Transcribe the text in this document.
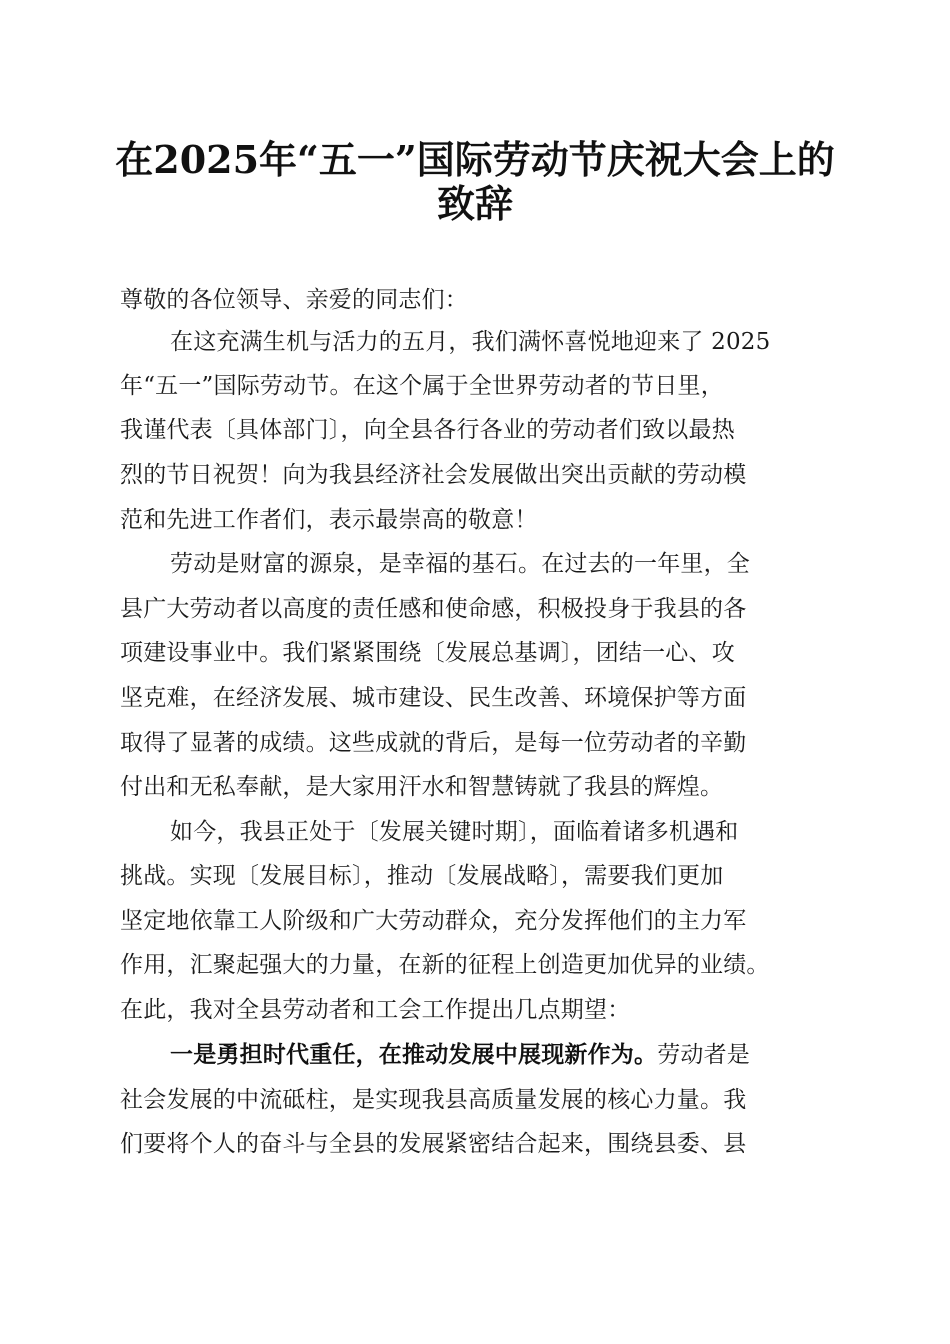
在2025年“五一”国际劳动节庆祝大会上的
致辞
尊敬的各位领导、亲爱的同志们：
在这充满生机与活力的五月，我们满怀喜悦地迎来了 2025
年“五一”国际劳动节。在这个属于全世界劳动者的节日里，
我谨代表〔具体部门〕，向全县各行各业的劳动者们致以最热
烈的节日祝贺！向为我县经济社会发展做出突出贡献的劳动模
范和先进工作者们，表示最崇高的敬意！
劳动是财富的源泉，是幸福的基石。在过去的一年里，全
县广大劳动者以高度的责任感和使命感，积极投身于我县的各
项建设事业中。我们紧紧围绕〔发展总基调〕，团结一心、攻
坚克难，在经济发展、城市建设、民生改善、环境保护等方面
取得了显著的成绩。这些成就的背后，是每一位劳动者的辛勤
付出和无私奉献，是大家用汗水和智慧铸就了我县的辉煌。
如今，我县正处于〔发展关键时期〕，面临着诸多机遇和
挑战。实现〔发展目标〕，推动〔发展战略〕，需要我们更加
坚定地依靠工人阶级和广大劳动群众，充分发挥他们的主力军
作用，汇聚起强大的力量，在新的征程上创造更加优异的业绩。
在此，我对全县劳动者和工会工作提出几点期望：
一是勇担时代重任，在推动发展中展现新作为。劳动者是
社会发展的中流砥柱，是实现我县高质量发展的核心力量。我
们要将个人的奋斗与全县的发展紧密结合起来，围绕县委、县
